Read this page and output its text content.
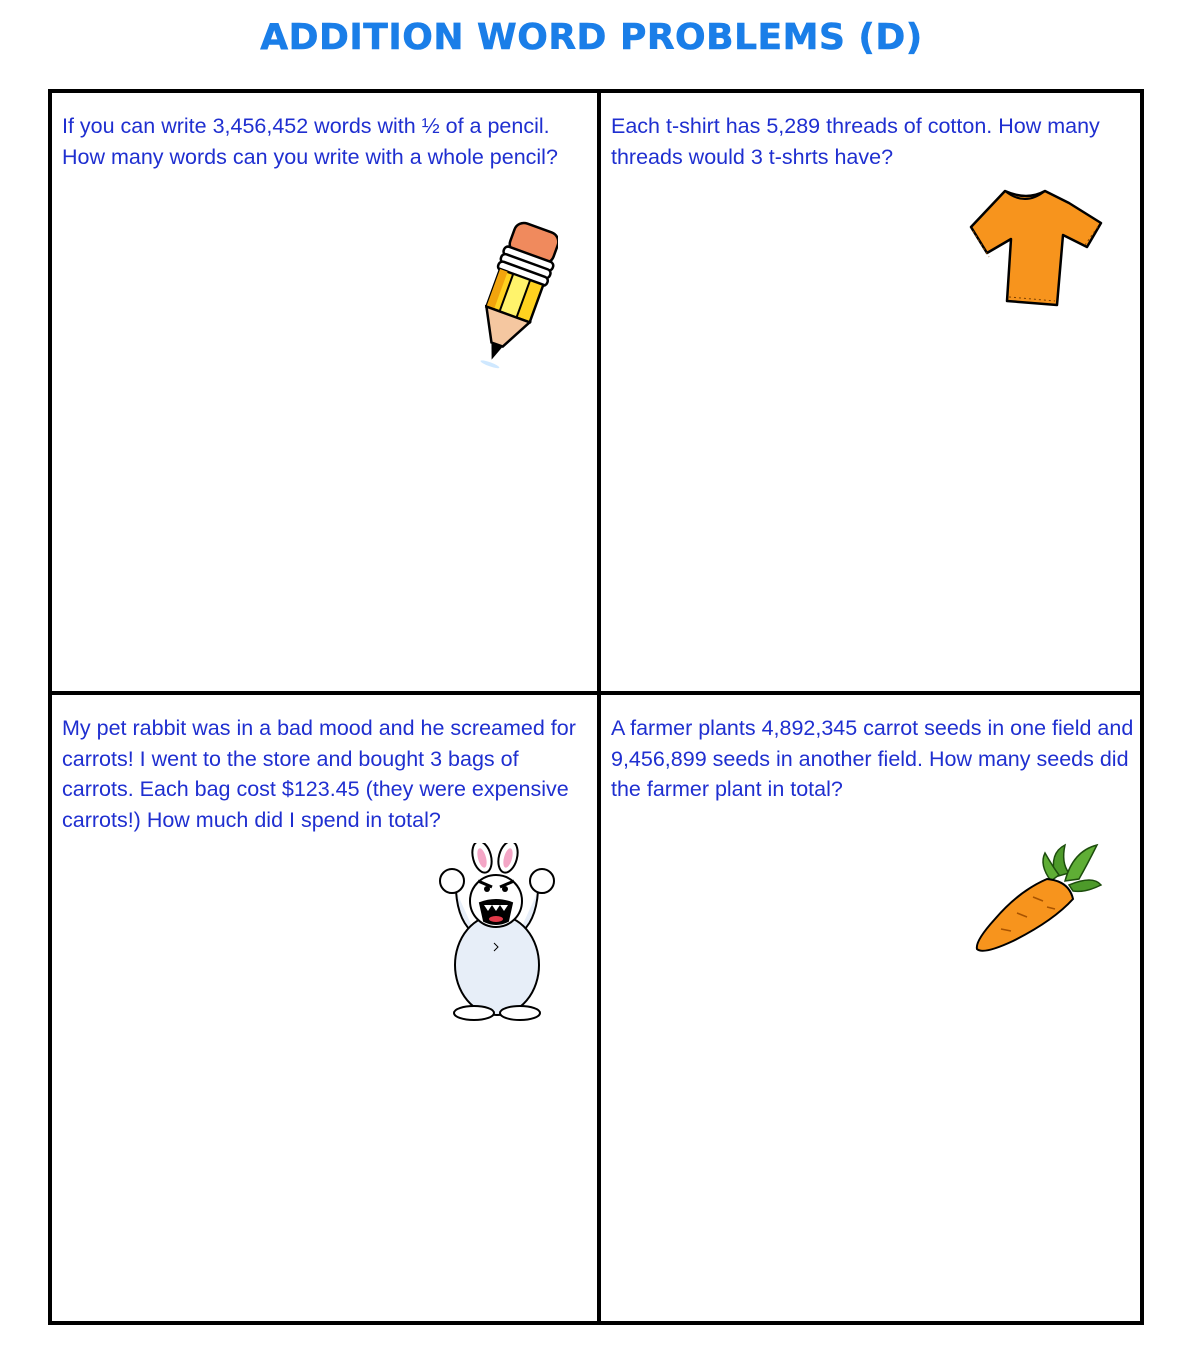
ADDITION WORD PROBLEMS (D)

If you can write 3,456,452 words with ½ of a pencil. How many words can you write with a whole pencil?

Each t-shirt has 5,289 threads of cotton. How many threads would 3 t-shrts have?

My pet rabbit was in a bad mood and he screamed for carrots! I went to the store and bought 3 bags of carrots. Each bag cost $123.45 (they were expensive carrots!) How much did I spend in total?

A farmer plants 4,892,345 carrot seeds in one field and 9,456,899 seeds in another field. How many seeds did the farmer plant in total?
